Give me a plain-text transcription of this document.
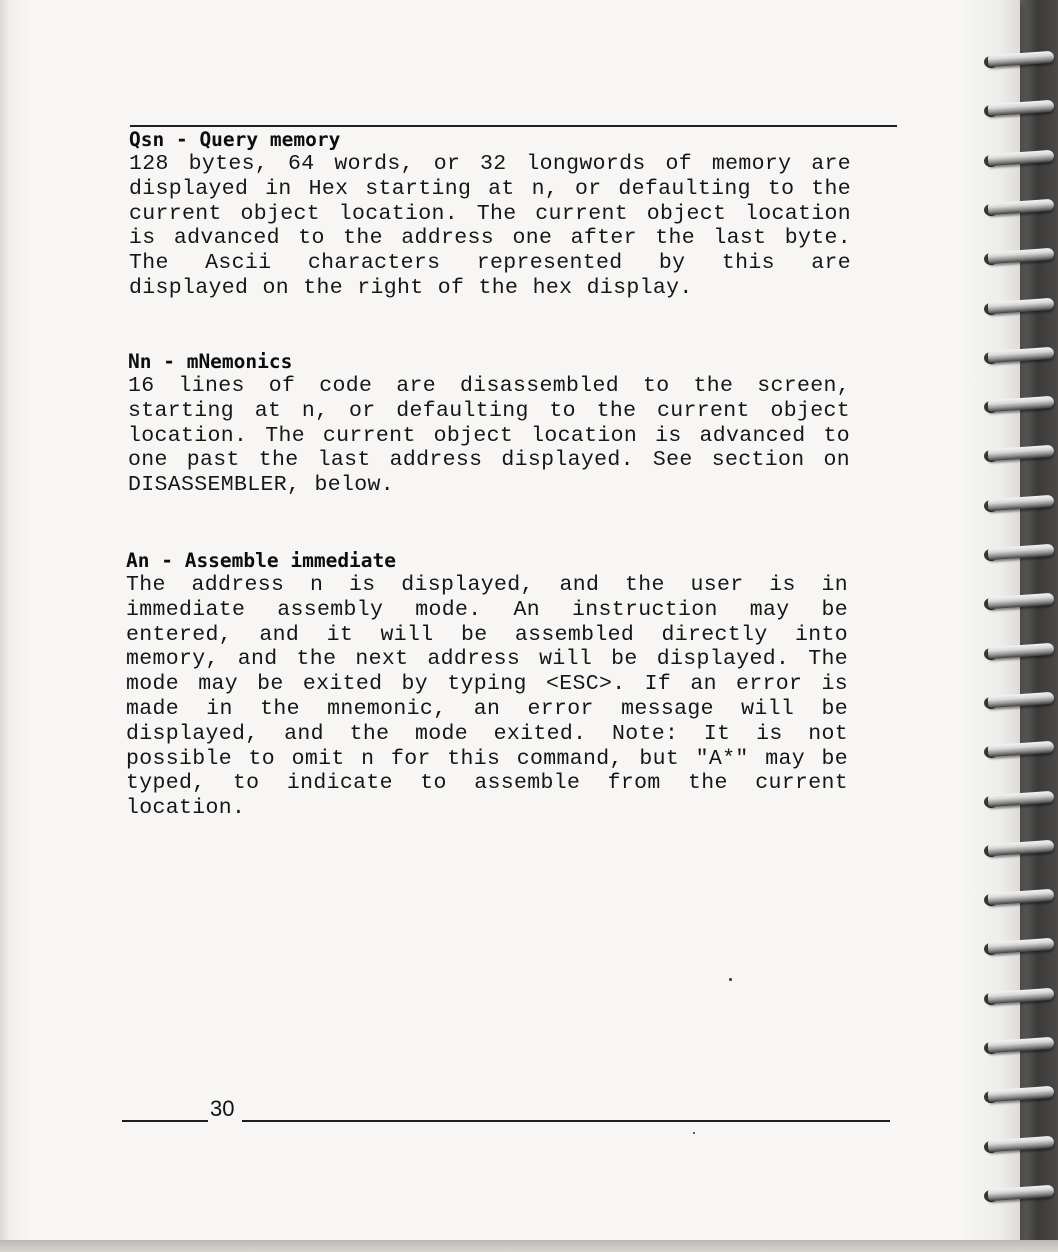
Qsn - Query memory
128 bytes, 64 words, or 32 longwords of memory are displayed in Hex starting at n, or defaulting to the current object location. The current object location is advanced to the address one after the last byte. The Ascii characters represented by this are displayed on the right of the hex display.
Nn - mNemonics
16 lines of code are disassembled to the screen, starting at n, or defaulting to the current object location. The current object location is advanced to one past the last address displayed. See section on DISASSEMBLER, below.
An - Assemble immediate
The address n is displayed, and the user is in immediate assembly mode. An instruction may be entered, and it will be assembled directly into memory, and the next address will be displayed. The mode may be exited by typing <ESC>. If an error is made in the mnemonic, an error message will be displayed, and the mode exited. Note: It is not possible to omit n for this command, but "A*" may be typed, to indicate to assemble from the current location.
30
